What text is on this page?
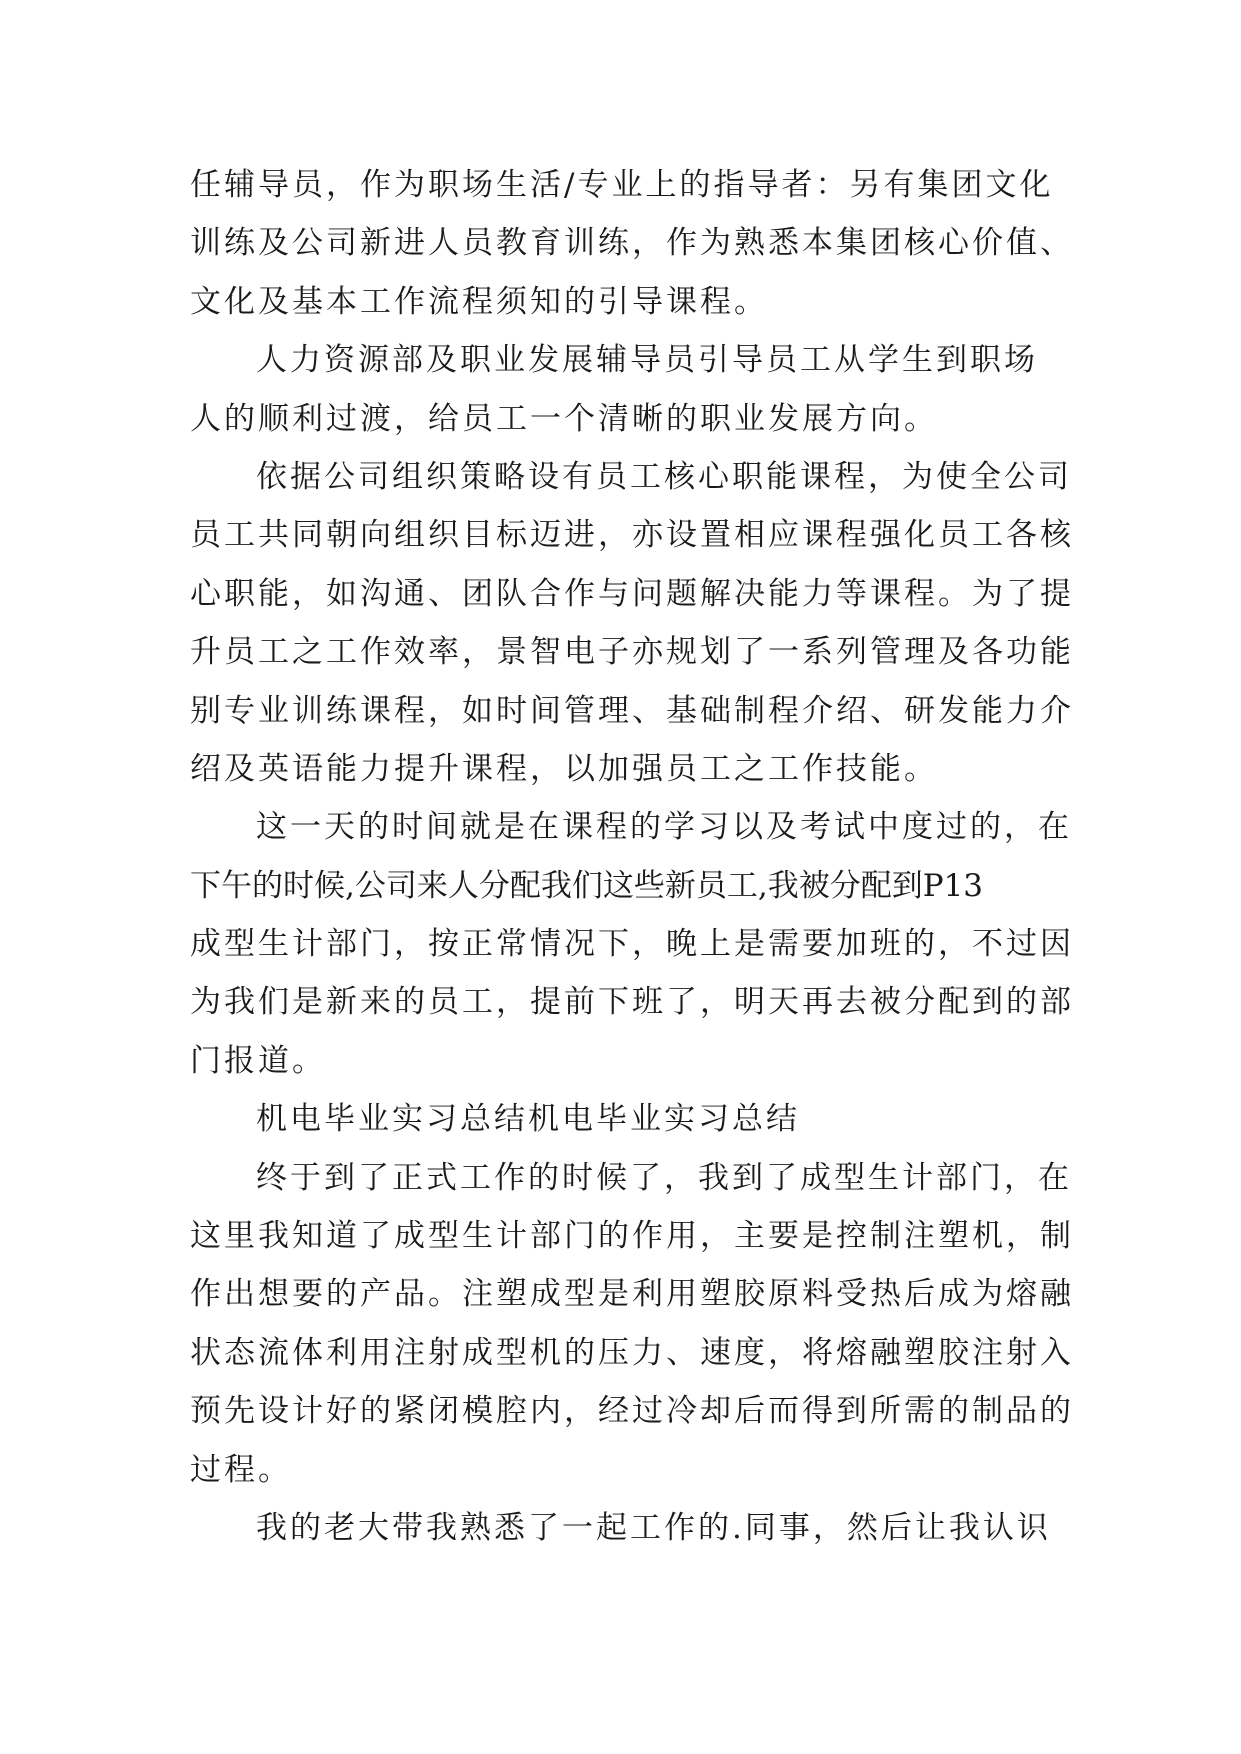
任辅导员，作为职场生活/专业上的指导者：另有集团文化
训练及公司新进人员教育训练，作为熟悉本集团核心价值、
文化及基本工作流程须知的引导课程。
人力资源部及职业发展辅导员引导员工从学生到职场
人的顺利过渡，给员工一个清晰的职业发展方向。
依据公司组织策略设有员工核心职能课程，为使全公司
员工共同朝向组织目标迈进，亦设置相应课程强化员工各核
心职能，如沟通、团队合作与问题解决能力等课程。为了提
升员工之工作效率，景智电子亦规划了一系列管理及各功能
别专业训练课程，如时间管理、基础制程介绍、研发能力介
绍及英语能力提升课程，以加强员工之工作技能。
这一天的时间就是在课程的学习以及考试中度过的，在
下午的时候,公司来人分配我们这些新员工,我被分配到P13
成型生计部门，按正常情况下，晚上是需要加班的，不过因
为我们是新来的员工，提前下班了，明天再去被分配到的部
门报道。
机电毕业实习总结机电毕业实习总结
终于到了正式工作的时候了，我到了成型生计部门，在
这里我知道了成型生计部门的作用，主要是控制注塑机，制
作出想要的产品。注塑成型是利用塑胶原料受热后成为熔融
状态流体利用注射成型机的压力、速度，将熔融塑胶注射入
预先设计好的紧闭模腔内，经过冷却后而得到所需的制品的
过程。
我的老大带我熟悉了一起工作的.同事，然后让我认识
